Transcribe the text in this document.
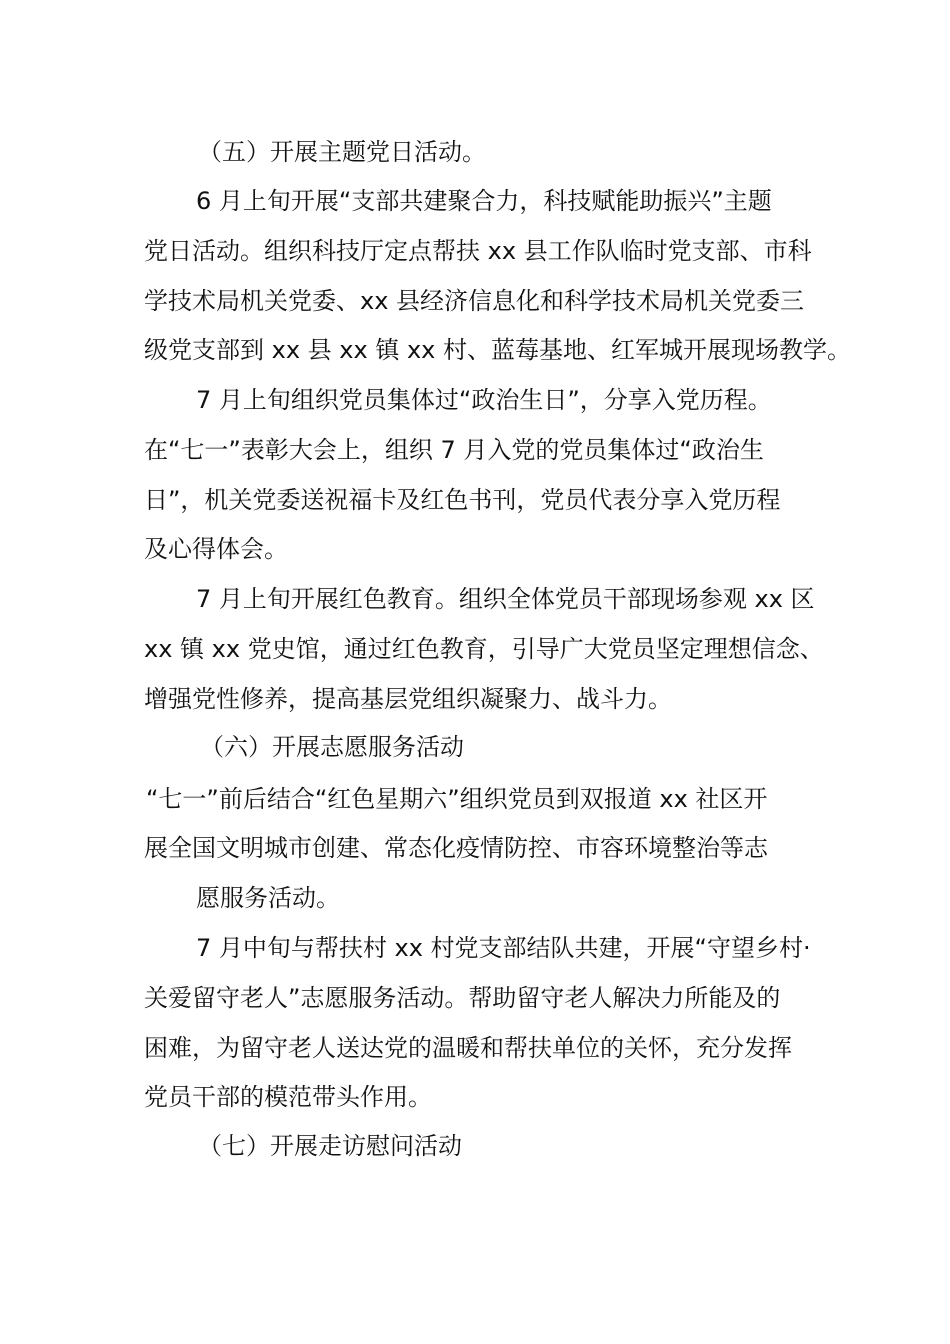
（五）开展主题党日活动。
6 月上旬开展“支部共建聚合力，科技赋能助振兴”主题
党日活动。组织科技厅定点帮扶 xx 县工作队临时党支部、市科
学技术局机关党委、xx 县经济信息化和科学技术局机关党委三
级党支部到 xx 县 xx 镇 xx 村、蓝莓基地、红军城开展现场教学。
7 月上旬组织党员集体过“政治生日”，分享入党历程。
在“七一”表彰大会上，组织 7 月入党的党员集体过“政治生
日”，机关党委送祝福卡及红色书刊，党员代表分享入党历程
及心得体会。
7 月上旬开展红色教育。组织全体党员干部现场参观 xx 区
xx 镇 xx 党史馆，通过红色教育，引导广大党员坚定理想信念、
增强党性修养，提高基层党组织凝聚力、战斗力。
（六）开展志愿服务活动
“七一”前后结合“红色星期六”组织党员到双报道 xx 社区开
展全国文明城市创建、常态化疫情防控、市容环境整治等志
愿服务活动。
7 月中旬与帮扶村 xx 村党支部结队共建，开展“守望乡村·
关爱留守老人”志愿服务活动。帮助留守老人解决力所能及的
困难，为留守老人送达党的温暖和帮扶单位的关怀，充分发挥
党员干部的模范带头作用。
（七）开展走访慰问活动
